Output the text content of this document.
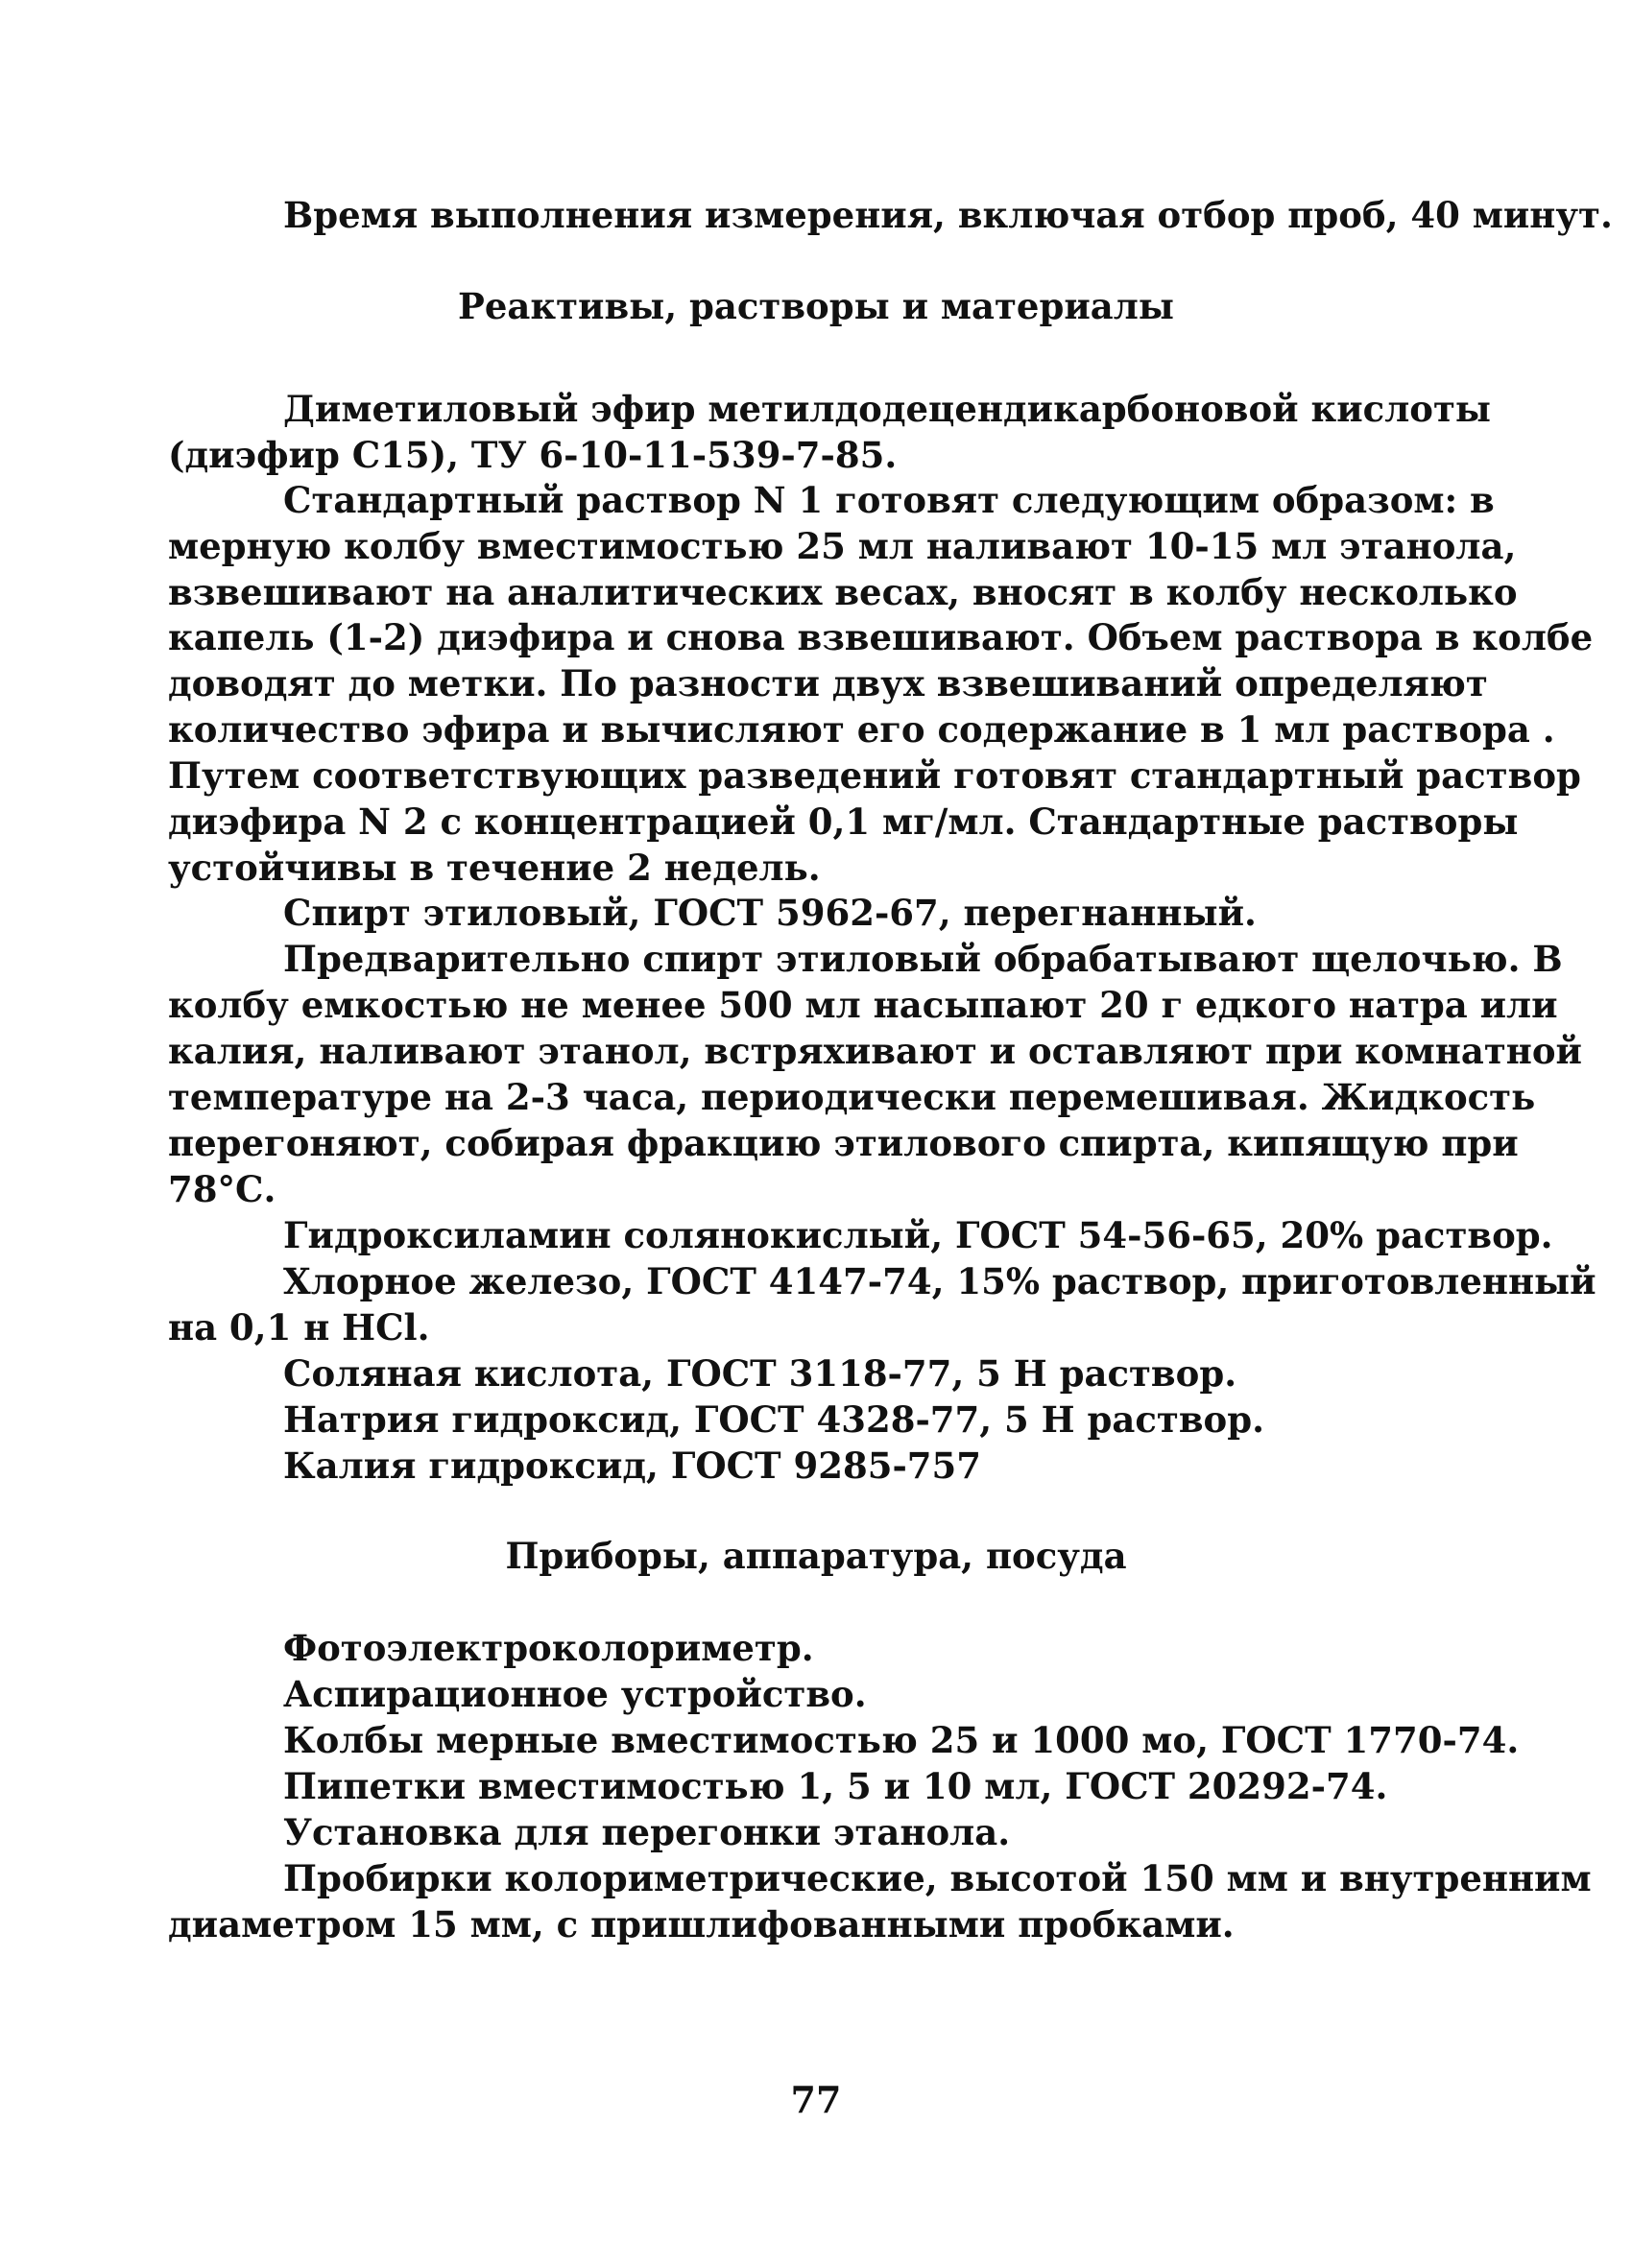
Время выполнения измерения, включая отбор проб, 40 минут.
Реактивы, растворы и материалы
Диметиловый эфир метилдодецендикарбоновой кислоты
(диэфир С15), ТУ 6-10-11-539-7-85.
Стандартный раствор N 1 готовят следующим образом: в
мерную колбу вместимостью 25 мл наливают 10-15 мл этанола,
взвешивают на аналитических весах, вносят в колбу несколько
капель (1-2) диэфира и снова взвешивают. Объем раствора в колбе
доводят до метки. По разности двух взвешиваний определяют
количество эфира и вычисляют его содержание в 1 мл раствора .
Путем соответствующих разведений готовят стандартный раствор
диэфира N 2 с концентрацией 0,1 мг/мл. Стандартные растворы
устойчивы в течение 2 недель.
Спирт этиловый, ГОСТ 5962-67, перегнанный.
Предварительно спирт этиловый обрабатывают щелочью. В
колбу емкостью не менее 500 мл насыпают 20 г едкого натра или
калия, наливают этанол, встряхивают и оставляют при комнатной
температуре на 2-3 часа, периодически перемешивая. Жидкость
перегоняют, собирая фракцию этилового спирта, кипящую при
78°С.
Гидроксиламин солянокислый, ГОСТ 54-56-65, 20% раствор.
Хлорное железо, ГОСТ 4147-74, 15% раствор, приготовленный
на 0,1 н HCl.
Соляная кислота, ГОСТ 3118-77, 5 Н раствор.
Натрия гидроксид, ГОСТ 4328-77, 5 Н раствор.
Калия гидроксид, ГОСТ 9285-757
Приборы, аппаратура, посуда
Фотоэлектроколориметр.
Аспирационное устройство.
Колбы мерные вместимостью 25 и 1000 мо, ГОСТ 1770-74.
Пипетки вместимостью 1, 5 и 10 мл, ГОСТ 20292-74.
Установка для перегонки этанола.
Пробирки колориметрические, высотой 150 мм и внутренним
диаметром 15 мм, с пришлифованными пробками.
77
